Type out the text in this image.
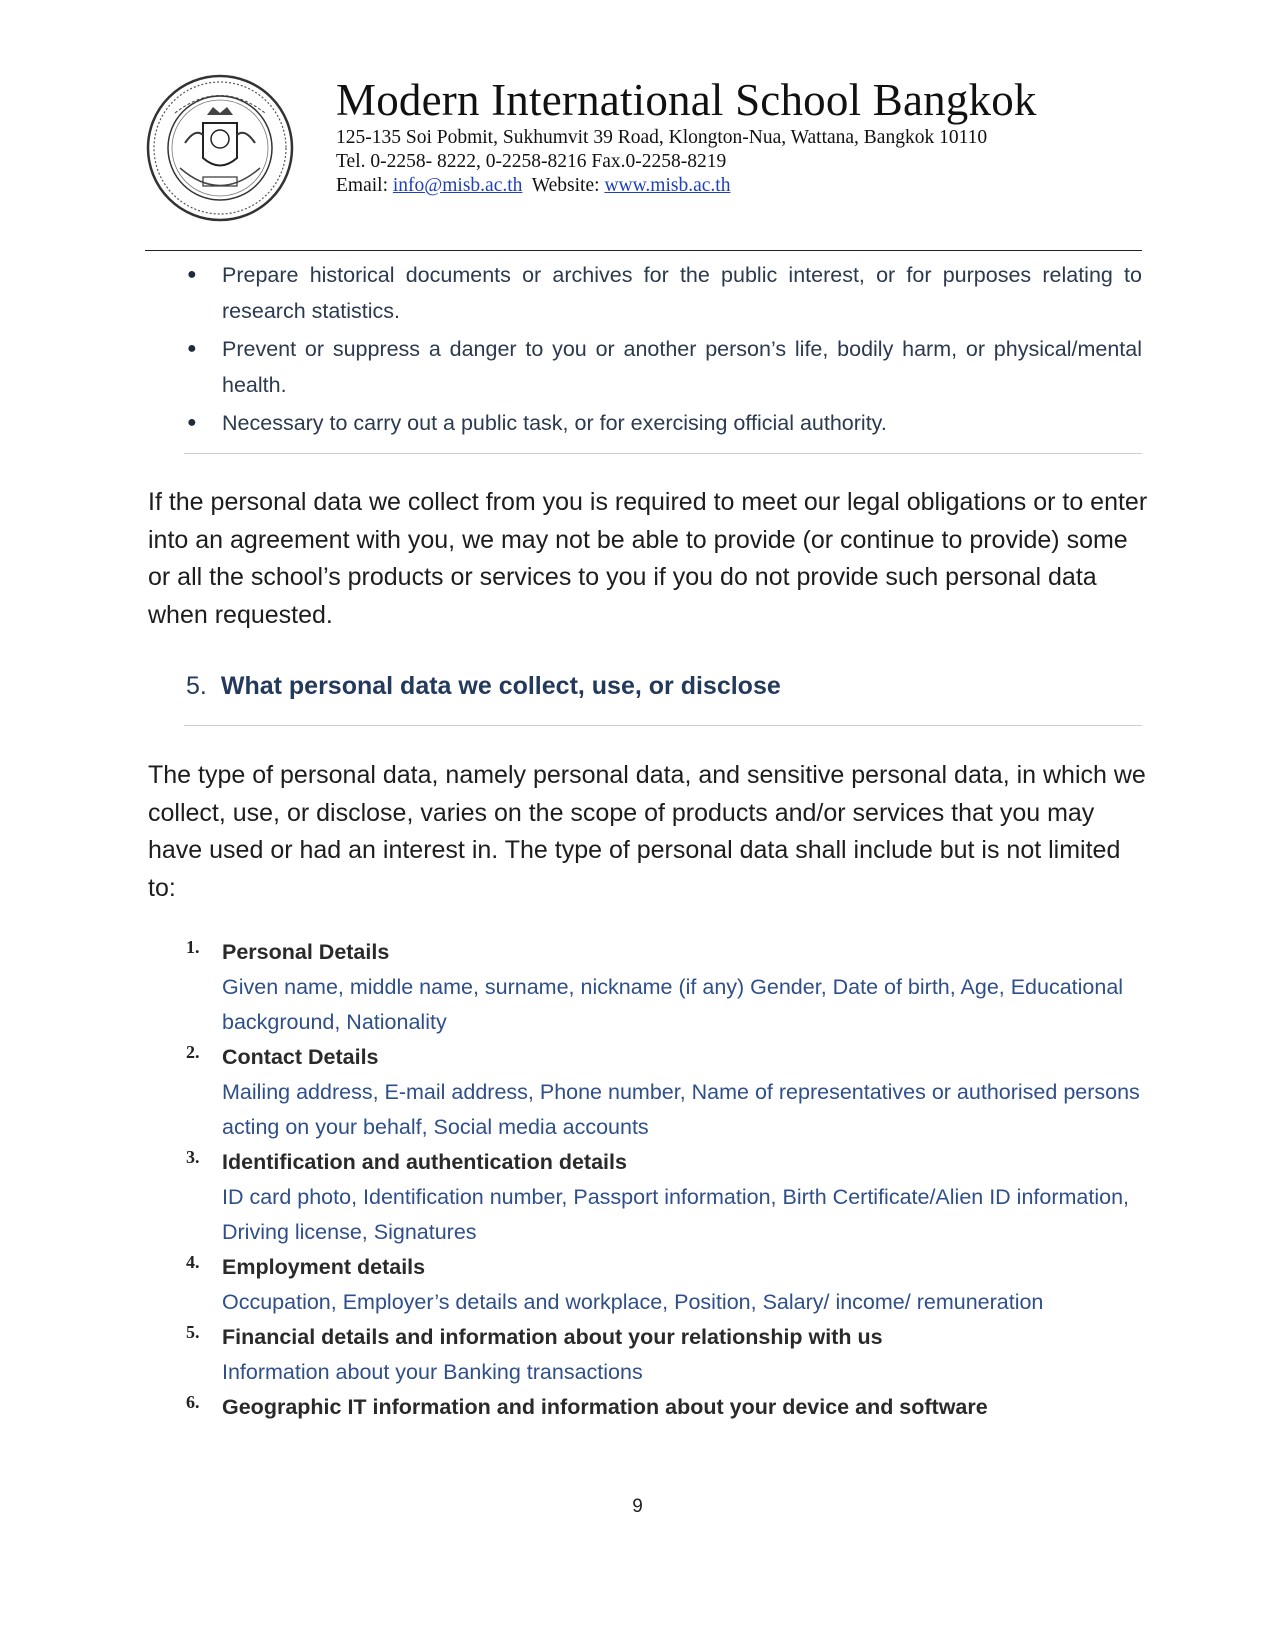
Modern International School Bangkok
125-135 Soi Pobmit, Sukhumvit 39 Road, Klongton-Nua, Wattana, Bangkok 10110
Tel. 0-2258- 8222, 0-2258-8216 Fax.0-2258-8219
Email: info@misb.ac.th  Website: www.misb.ac.th
● Prepare historical documents or archives for the public interest, or for purposes relating to research statistics.
● Prevent or suppress a danger to you or another person’s life, bodily harm, or physical/mental health.
● Necessary to carry out a public task, or for exercising official authority.
If the personal data we collect from you is required to meet our legal obligations or to enter into an agreement with you, we may not be able to provide (or continue to provide) some or all the school’s products or services to you if you do not provide such personal data when requested.
5. What personal data we collect, use, or disclose
The type of personal data, namely personal data, and sensitive personal data, in which we collect, use, or disclose, varies on the scope of products and/or services that you may have used or had an interest in. The type of personal data shall include but is not limited to:
1. Personal Details
Given name, middle name, surname, nickname (if any) Gender, Date of birth, Age, Educational background, Nationality
2. Contact Details
Mailing address, E-mail address, Phone number, Name of representatives or authorised persons acting on your behalf, Social media accounts
3. Identification and authentication details
ID card photo, Identification number, Passport information, Birth Certificate/Alien ID information, Driving license, Signatures
4. Employment details
Occupation, Employer’s details and workplace, Position, Salary/ income/ remuneration
5. Financial details and information about your relationship with us
Information about your Banking transactions
6. Geographic IT information and information about your device and software
9
